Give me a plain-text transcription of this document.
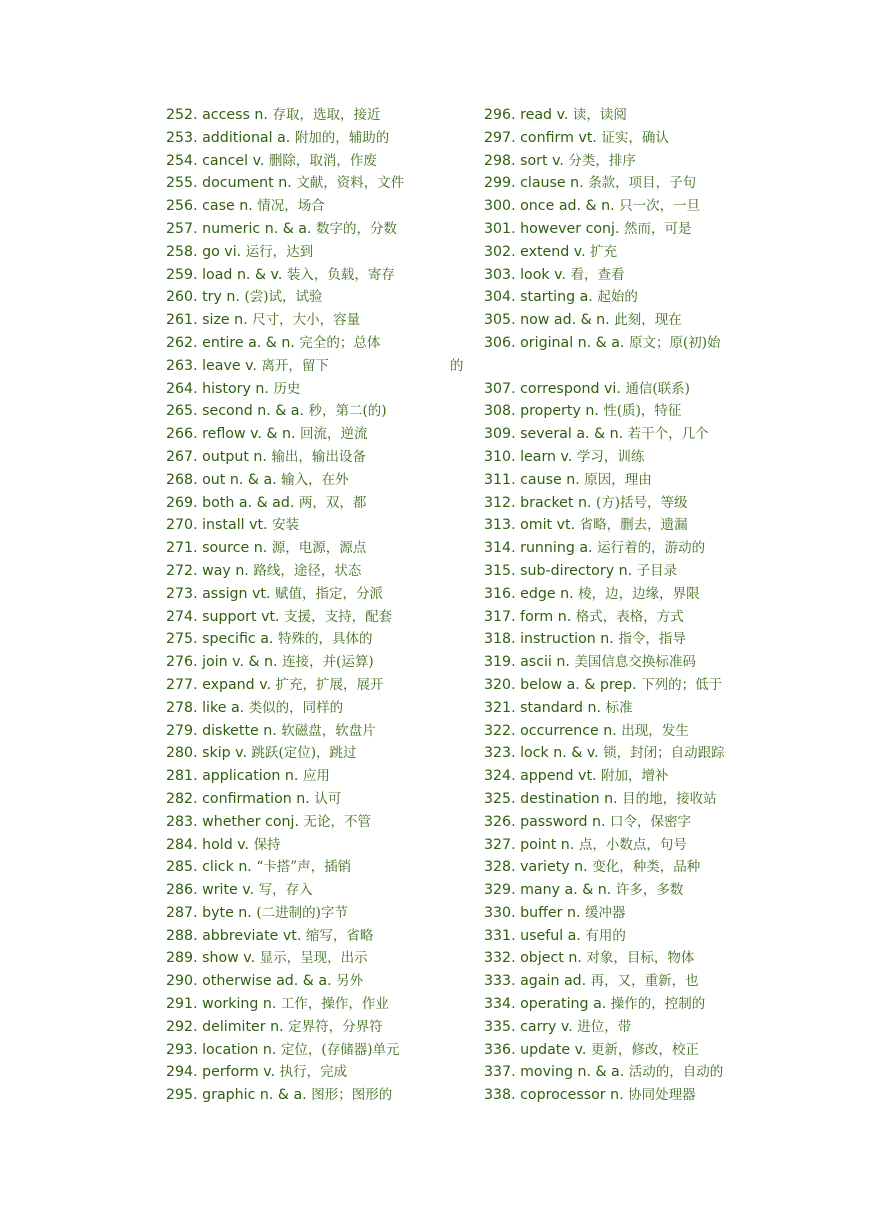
252. access n. 存取，选取，接近
253. additional a. 附加的，辅助的
254. cancel v. 删除，取消，作废
255. document n. 文献，资料，文件
256. case n. 情况，场合
257. numeric n. & a. 数字的，分数
258. go vi. 运行，达到
259. load n. & v. 装入，负载，寄存
260. try n. (尝)试，试验
261. size n. 尺寸，大小，容量
262. entire a. & n. 完全的；总体
263. leave v. 离开，留下
264. history n. 历史
265. second n. & a. 秒，第二(的)
266. reflow v. & n. 回流，逆流
267. output n. 输出，输出设备
268. out n. & a. 输入，在外
269. both a. & ad. 两，双，都
270. install vt. 安装
271. source n. 源，电源，源点
272. way n. 路线，途径，状态
273. assign vt. 赋值，指定，分派
274. support vt. 支援，支持，配套
275. specific a. 特殊的，具体的
276. join v. & n. 连接，并(运算)
277. expand v. 扩充，扩展，展开
278. like a. 类似的，同样的
279. diskette n. 软磁盘，软盘片
280. skip v. 跳跃(定位)，跳过
281. application n. 应用
282. confirmation n. 认可
283. whether conj. 无论，不管
284. hold v. 保持
285. click n. “卡搭”声，插销
286. write v. 写，存入
287. byte n. (二进制的)字节
288. abbreviate vt. 缩写，省略
289. show v. 显示，呈现，出示
290. otherwise ad. & a. 另外
291. working n. 工作，操作，作业
292. delimiter n. 定界符，分界符
293. location n. 定位，(存储器)单元
294. perform v. 执行，完成
295. graphic n. & a. 图形；图形的
296. read v. 读，读阅
297. confirm vt. 证实，确认
298. sort v. 分类，排序
299. clause n. 条款，项目，子句
300. once ad. & n. 只一次，一旦
301. however conj. 然而，可是
302. extend v. 扩充
303. look v. 看，查看
304. starting a. 起始的
305. now ad. & n. 此刻，现在
306. original n. & a. 原文；原(初)始
307. correspond vi. 通信(联系)
308. property n. 性(质)，特征
309. several a. & n. 若干个，几个
310. learn v. 学习，训练
311. cause n. 原因，理由
312. bracket n. (方)括号，等级
313. omit vt. 省略，删去，遗漏
314. running a. 运行着的，游动的
315. sub-directory n. 子目录
316. edge n. 棱，边，边缘，界限
317. form n. 格式，表格，方式
318. instruction n. 指令，指导
319. ascii n. 美国信息交换标准码
320. below a. & prep. 下列的；低于
321. standard n. 标准
322. occurrence n. 出现，发生
323. lock n. & v. 锁，封闭；自动跟踪
324. append vt. 附加，增补
325. destination n. 目的地，接收站
326. password n. 口令，保密字
327. point n. 点，小数点，句号
328. variety n. 变化，种类，品种
329. many a. & n. 许多，多数
330. buffer n. 缓冲器
331. useful a. 有用的
332. object n. 对象，目标，物体
333. again ad. 再，又，重新，也
334. operating a. 操作的，控制的
335. carry v. 进位，带
336. update v. 更新，修改，校正
337. moving n. & a. 活动的，自动的
338. coprocessor n. 协同处理器
的
